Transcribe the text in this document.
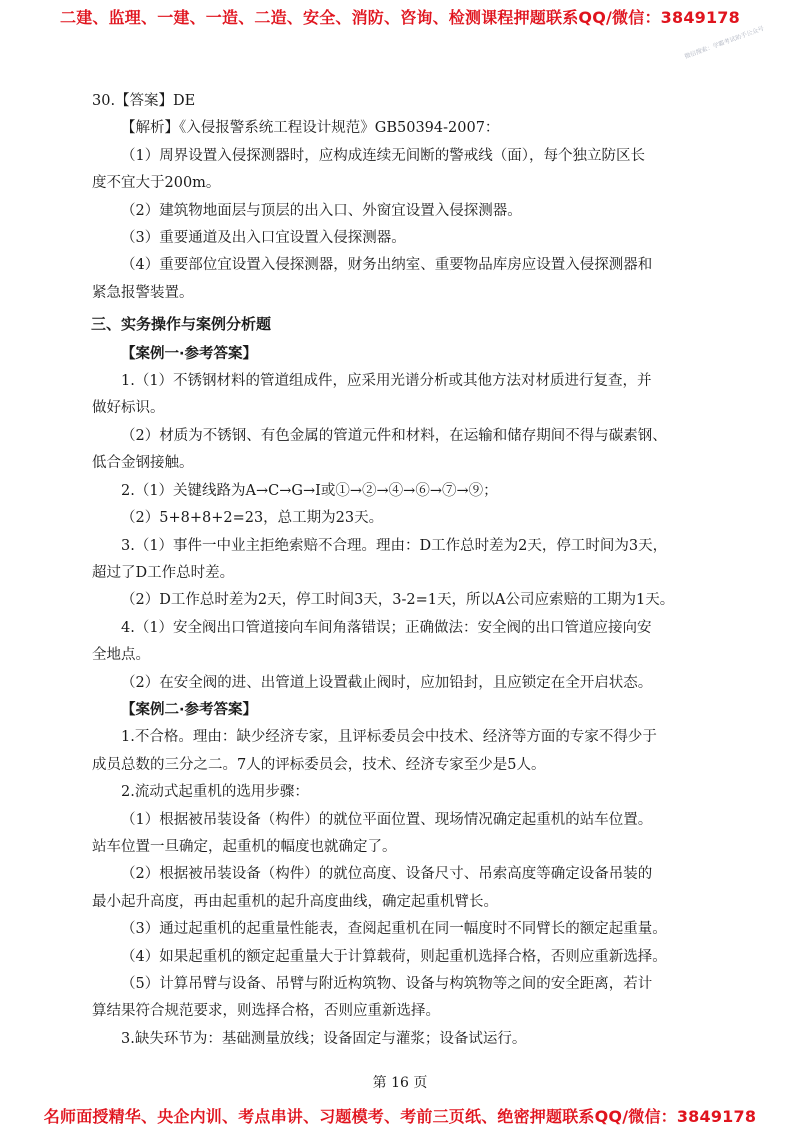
二建、监理、一建、一造、二造、安全、消防、咨询、检测课程押题联系QQ/微信：3849178
微信搜索：学霸考试助手公众号
30.【答案】DE
【解析】《入侵报警系统工程设计规范》GB50394-2007：
（1）周界设置入侵探测器时，应构成连续无间断的警戒线（面），每个独立防区长
度不宜大于200m。
（2）建筑物地面层与顶层的出入口、外窗宜设置入侵探测器。
（3）重要通道及出入口宜设置入侵探测器。
（4）重要部位宜设置入侵探测器，财务出纳室、重要物品库房应设置入侵探测器和
紧急报警装置。
三、实务操作与案例分析题
【案例一·参考答案】
1.（1）不锈钢材料的管道组成件，应采用光谱分析或其他方法对材质进行复查，并
做好标识。
（2）材质为不锈钢、有色金属的管道元件和材料，在运输和储存期间不得与碳素钢、
低合金钢接触。
2.（1）关键线路为A→C→G→I或①→②→④→⑥→⑦→⑨；
（2）5+8+8+2=23，总工期为23天。
3.（1）事件一中业主拒绝索赔不合理。理由：D工作总时差为2天，停工时间为3天，
超过了D工作总时差。
（2）D工作总时差为2天，停工时间3天，3-2=1天，所以A公司应索赔的工期为1天。
4.（1）安全阀出口管道接向车间角落错误；正确做法：安全阀的出口管道应接向安
全地点。
（2）在安全阀的进、出管道上设置截止阀时，应加铅封，且应锁定在全开启状态。
【案例二·参考答案】
1.不合格。理由：缺少经济专家，且评标委员会中技术、经济等方面的专家不得少于
成员总数的三分之二。7人的评标委员会，技术、经济专家至少是5人。
2.流动式起重机的选用步骤：
（1）根据被吊装设备（构件）的就位平面位置、现场情况确定起重机的站车位置。
站车位置一旦确定，起重机的幅度也就确定了。
（2）根据被吊装设备（构件）的就位高度、设备尺寸、吊索高度等确定设备吊装的
最小起升高度，再由起重机的起升高度曲线，确定起重机臂长。
（3）通过起重机的起重量性能表，查阅起重机在同一幅度时不同臂长的额定起重量。
（4）如果起重机的额定起重量大于计算载荷，则起重机选择合格，否则应重新选择。
（5）计算吊臂与设备、吊臂与附近构筑物、设备与构筑物等之间的安全距离，若计
算结果符合规范要求，则选择合格，否则应重新选择。
3.缺失环节为：基础测量放线；设备固定与灌浆；设备试运行。
第 16 页
名师面授精华、央企内训、考点串讲、习题模考、考前三页纸、绝密押题联系QQ/微信：3849178
